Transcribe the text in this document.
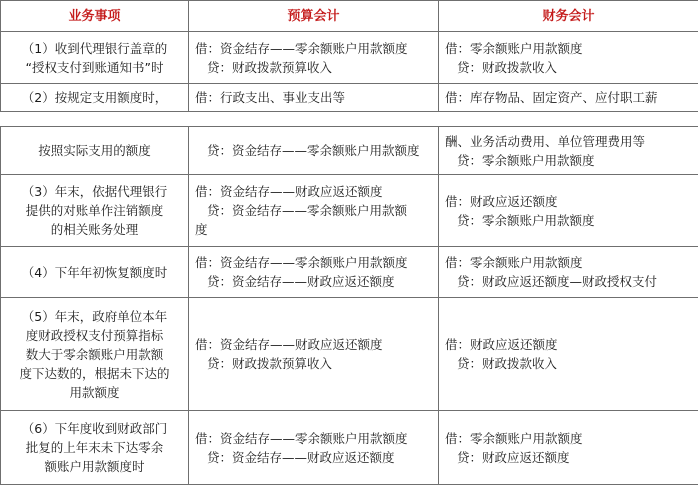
业务事项	预算会计	财务会计

（1）收到代理银行盖章的
“授权支付到账通知书”时	借：资金结存——零余额账户用款额度
贷：财政拨款预算收入	借：零余额账户用款额度
贷：财政拨款收入

（2）按规定支用额度时，	借：行政支出、事业支出等	借：库存物品、固定资产、应付职工薪
按照实际支用的额度	贷：资金结存——零余额账户用款额度	酬、业务活动费用、单位管理费用等
贷：零余额账户用款额度

（3）年末，依据代理银行
提供的对账单作注销额度
的相关账务处理	借：资金结存——财政应返还额度
贷：资金结存——零余额账户用款额
度	借：财政应返还额度
贷：零余额账户用款额度

（4）下年年初恢复额度时	借：资金结存——零余额账户用款额度
贷：资金结存——财政应返还额度	借：零余额账户用款额度
贷：财政应返还额度—财政授权支付

（5）年末，政府单位本年
度财政授权支付预算指标
数大于零余额账户用款额
度下达数的，根据未下达的
用款额度	借：资金结存——财政应返还额度
贷：财政拨款预算收入	借：财政应返还额度
贷：财政拨款收入

（6）下年度收到财政部门
批复的上年末未下达零余
额账户用款额度时	借：资金结存——零余额账户用款额度
贷：资金结存——财政应返还额度	借：零余额账户用款额度
贷：财政应返还额度
